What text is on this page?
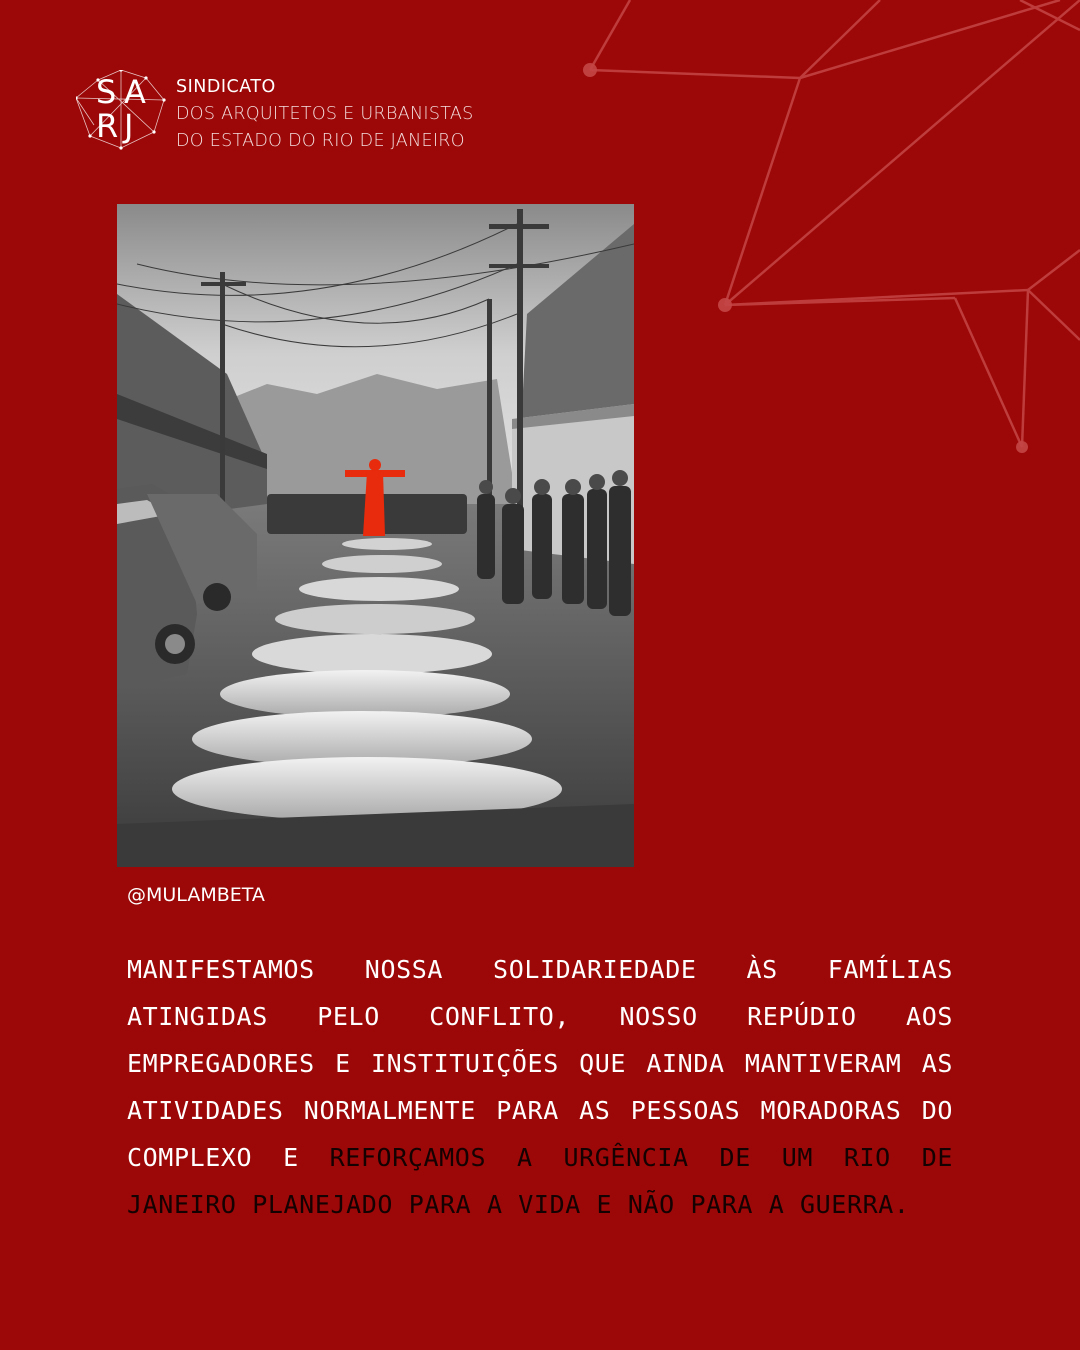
S A
R J
SINDICATO
DOS ARQUITETOS E URBANISTAS
DO ESTADO DO RIO DE JANEIRO
@MULAMBETA
MANIFESTAMOS NOSSA SOLIDARIEDADE ÀS FAMÍLIAS ATINGIDAS PELO CONFLITO, NOSSO REPÚDIO AOS EMPREGADORES E INSTITUIÇÕES QUE AINDA MANTIVERAM AS ATIVIDADES NORMALMENTE PARA AS PESSOAS MORADORAS DO COMPLEXO E REFORÇAMOS A URGÊNCIA DE UM RIO DE JANEIRO PLANEJADO PARA A VIDA E NÃO PARA A GUERRA.
